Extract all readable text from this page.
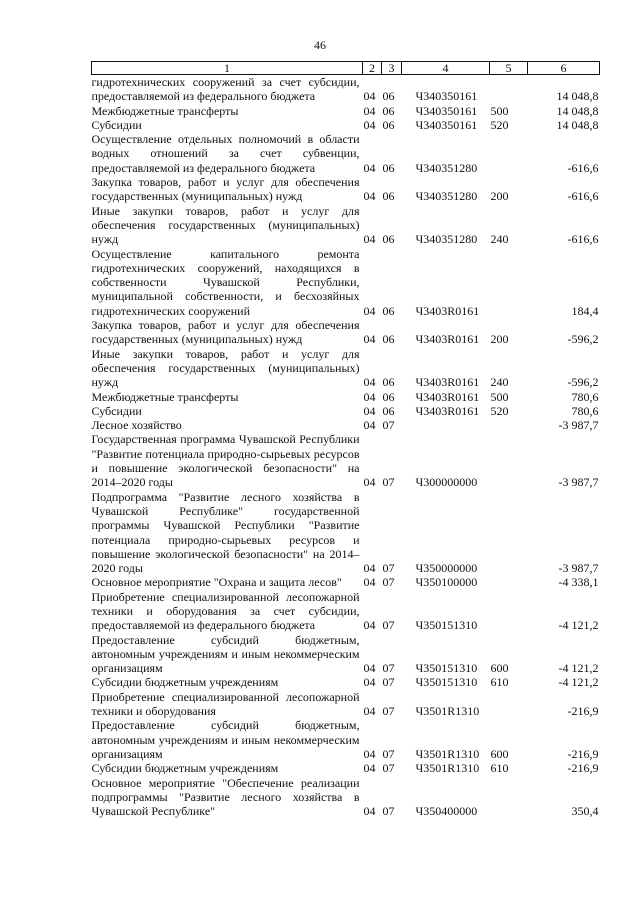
46
1	2	3	4	5	6
гидротехнических сооружений за счет субсидии, предоставляемой из федерального бюджета	04	06	Ч340350161		14 048,8
Межбюджетные трансферты	04	06	Ч340350161	500	14 048,8
Субсидии	04	06	Ч340350161	520	14 048,8
Осуществление отдельных полномочий в области водных отношений за счет субвенции, предоставляемой из федерального бюджета	04	06	Ч340351280		-616,6
Закупка товаров, работ и услуг для обеспечения государственных (муниципальных) нужд	04	06	Ч340351280	200	-616,6
Иные закупки товаров, работ и услуг для обеспечения государственных (муниципальных) нужд	04	06	Ч340351280	240	-616,6
Осуществление капитального ремонта гидротехнических сооружений, находящихся в собственности Чувашской Республики, муниципальной собственности, и бесхозяйных гидротехнических сооружений	04	06	Ч3403R0161		184,4
Закупка товаров, работ и услуг для обеспечения государственных (муниципальных) нужд	04	06	Ч3403R0161	200	-596,2
Иные закупки товаров, работ и услуг для обеспечения государственных (муниципальных) нужд	04	06	Ч3403R0161	240	-596,2
Межбюджетные трансферты	04	06	Ч3403R0161	500	780,6
Субсидии	04	06	Ч3403R0161	520	780,6
Лесное хозяйство	04	07			-3 987,7
Государственная программа Чувашской Республики "Развитие потенциала природно-сырьевых ресурсов и повышение экологической безопасности" на 2014–2020 годы	04	07	Ч300000000		-3 987,7
Подпрограмма "Развитие лесного хозяйства в Чувашской Республике" государственной программы Чувашской Республики "Развитие потенциала природно-сырьевых ресурсов и повышение экологической безопасности" на 2014–2020 годы	04	07	Ч350000000		-3 987,7
Основное мероприятие "Охрана и защита лесов"	04	07	Ч350100000		-4 338,1
Приобретение специализированной лесопожарной техники и оборудования за счет субсидии, предоставляемой из федерального бюджета	04	07	Ч350151310		-4 121,2
Предоставление субсидий бюджетным, автономным учреждениям и иным некоммерческим организациям	04	07	Ч350151310	600	-4 121,2
Субсидии бюджетным учреждениям	04	07	Ч350151310	610	-4 121,2
Приобретение специализированной лесопожарной техники и оборудования	04	07	Ч3501R1310		-216,9
Предоставление субсидий бюджетным, автономным учреждениям и иным некоммерческим организациям	04	07	Ч3501R1310	600	-216,9
Субсидии бюджетным учреждениям	04	07	Ч3501R1310	610	-216,9
Основное мероприятие "Обеспечение реализации подпрограммы "Развитие лесного хозяйства в Чувашской Республике"	04	07	Ч350400000		350,4
